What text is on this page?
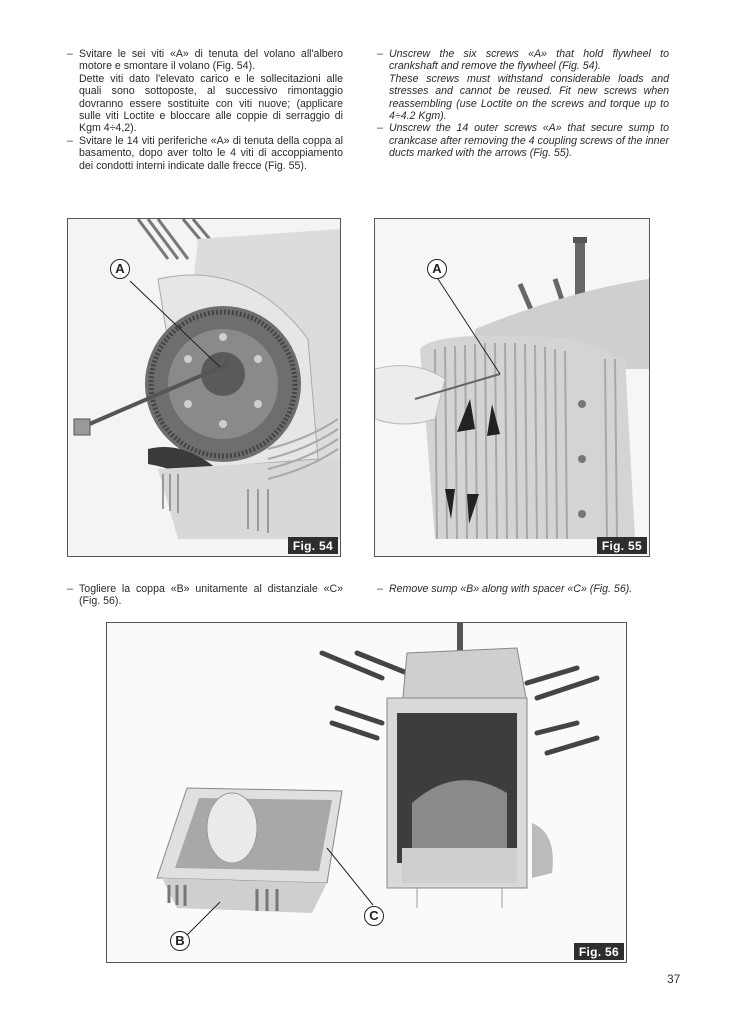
– Svitare le sei viti «A» di tenuta del volano all'albero motore e smontare il volano (Fig. 54).

Dette viti dato l'elevato carico e le sollecitazioni alle quali sono sottoposte, al successivo rimontaggio dovranno essere sostituite con viti nuove; (applicare sulle viti Loctite e bloccare alle coppie di serraggio di Kgm 4÷4,2).

– Svitare le 14 viti periferiche «A» di tenuta della coppa al basamento, dopo aver tolto le 4 viti di accoppiamento dei condotti interni indicate dalle frecce (Fig. 55).

– Unscrew the six screws «A» that hold flywheel to crankshaft and remove the flywheel (Fig. 54).

These screws must withstand considerable loads and stresses and cannot be reused. Fit new screws when reassembling (use Loctite on the screws and torque up to 4÷4.2 Kgm).

– Unscrew the 14 outer screws «A» that secure sump to crankcase after removing the 4 coupling screws of the inner ducts marked with the arrows (Fig. 55).

A
Fig. 54
A
Fig. 55

– Togliere la coppa «B» unitamente al distanziale «C» (Fig. 56).

– Remove sump «B» along with spacer «C» (Fig. 56).

B
C
Fig. 56
37
